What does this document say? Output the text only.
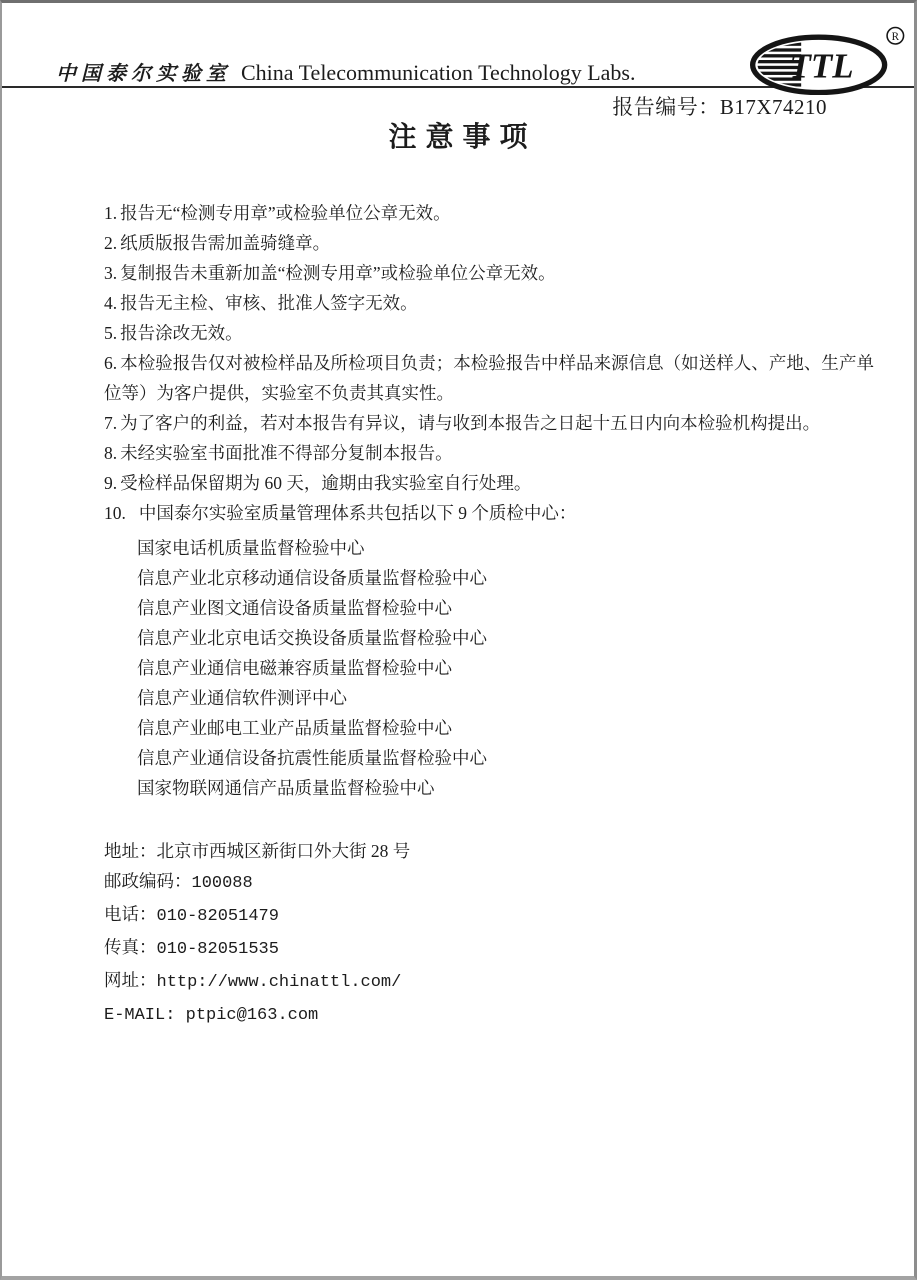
中国泰尔实验室 China Telecommunication Technology Labs.	TTL
R
报告编号：B17X74210
注意事项
1. 报告无“检测专用章”或检验单位公章无效。
2. 纸质版报告需加盖骑缝章。
3. 复制报告未重新加盖“检测专用章”或检验单位公章无效。
4. 报告无主检、审核、批准人签字无效。
5. 报告涂改无效。
6. 本检验报告仅对被检样品及所检项目负责；本检验报告中样品来源信息（如送样人、产地、生产单位等）为客户提供，实验室不负责其真实性。
7. 为了客户的利益，若对本报告有异议，请与收到本报告之日起十五日内向本检验机构提出。
8. 未经实验室书面批准不得部分复制本报告。
9. 受检样品保留期为 60 天，逾期由我实验室自行处理。
10. 中国泰尔实验室质量管理体系共包括以下 9 个质检中心：
国家电话机质量监督检验中心
信息产业北京移动通信设备质量监督检验中心
信息产业图文通信设备质量监督检验中心
信息产业北京电话交换设备质量监督检验中心
信息产业通信电磁兼容质量监督检验中心
信息产业通信软件测评中心
信息产业邮电工业产品质量监督检验中心
信息产业通信设备抗震性能质量监督检验中心
国家物联网通信产品质量监督检验中心
地址：北京市西城区新街口外大街 28 号
邮政编码：100088
电话：010-82051479
传真：010-82051535
网址：http://www.chinattl.com/
E-MAIL: ptpic@163.com
